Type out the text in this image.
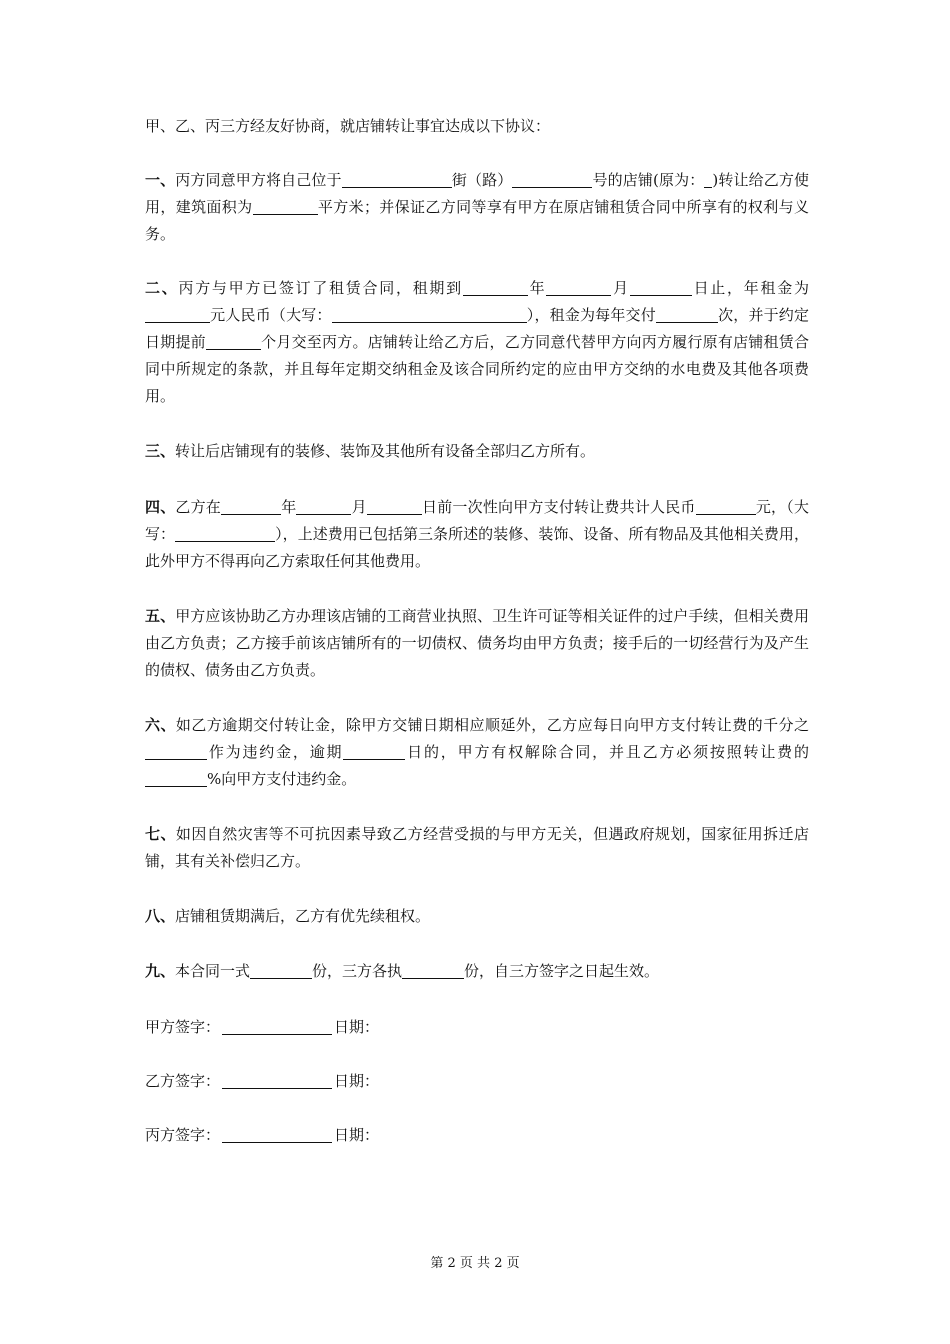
甲、乙、丙三方经友好协商，就店铺转让事宜达成以下协议：

一、丙方同意甲方将自己位于	街（路）	号的店铺(原为： )转让给乙方使用，建筑面积为	平方米；并保证乙方同等享有甲方在原店铺租赁合同中所享有的权利与义务。

二、丙方与甲方已签订了租赁合同，租期到	年	月	日止，年租金为元人民币（大写：	），租金为每年交付	次，并于约定日期提前	个月交至丙方。店铺转让给乙方后，乙方同意代替甲方向丙方履行原有店铺租赁合同中所规定的条款，并且每年定期交纳租金及该合同所约定的应由甲方交纳的水电费及其他各项费用。

三、转让后店铺现有的装修、装饰及其他所有设备全部归乙方所有。

四、乙方在	年	月	日前一次性向甲方支付转让费共计人民币	元，（大写：	），上述费用已包括第三条所述的装修、装饰、设备、所有物品及其他相关费用，此外甲方不得再向乙方索取任何其他费用。

五、甲方应该协助乙方办理该店铺的工商营业执照、卫生许可证等相关证件的过户手续，但相关费用由乙方负责；乙方接手前该店铺所有的一切债权、债务均由甲方负责；接手后的一切经营行为及产生的债权、债务由乙方负责。

六、如乙方逾期交付转让金，除甲方交铺日期相应顺延外，乙方应每日向甲方支付转让费的千分之作为违约金，逾期	日的，甲方有权解除合同，并且乙方必须按照转让费的%向甲方支付违约金。

七、如因自然灾害等不可抗因素导致乙方经营受损的与甲方无关，但遇政府规划，国家征用拆迁店铺，其有关补偿归乙方。

八、店铺租赁期满后，乙方有优先续租权。

九、本合同一式	份，三方各执	份，自三方签字之日起生效。

甲方签字：	日期：
乙方签字：	日期：
丙方签字：	日期：
第 2 页 共 2 页
